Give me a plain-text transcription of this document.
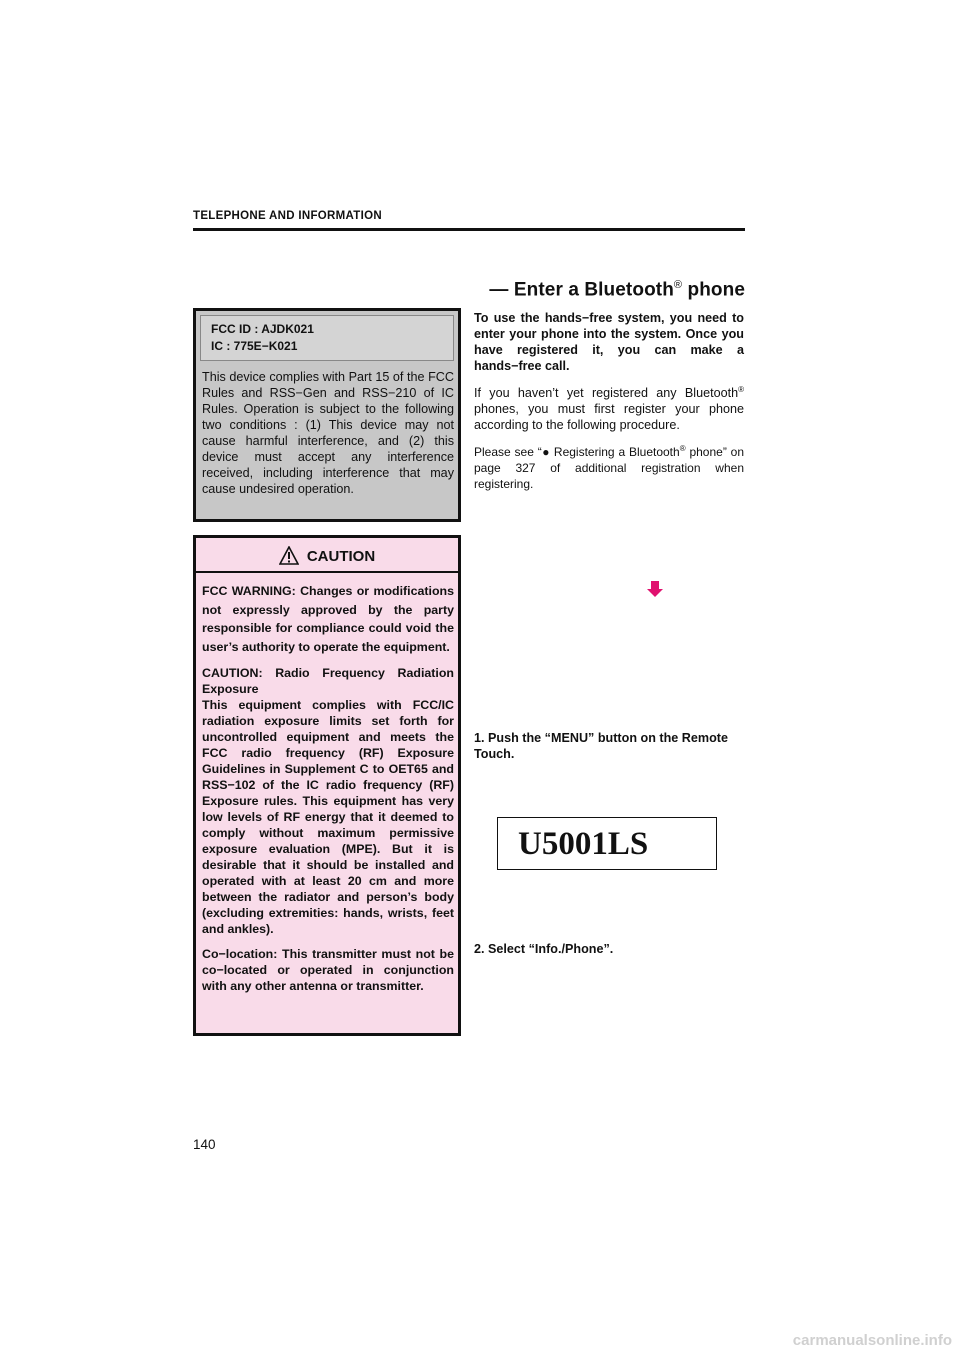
TELEPHONE AND INFORMATION
— Enter a Bluetooth® phone
FCC ID : AJDK021
IC : 775E−K021
This device complies with Part 15 of the FCC Rules and RSS−Gen and RSS−210 of IC Rules. Operation is subject to the following two conditions : (1) This device may not cause harmful interference, and (2) this device must accept any interference received, including interference that may cause undesired operation.
CAUTION

FCC WARNING: Changes or modifications not expressly approved by the party responsible for compliance could void the user’s authority to operate the equipment.

CAUTION: Radio Frequency Radiation Exposure

This equipment complies with FCC/IC radiation exposure limits set forth for uncontrolled equipment and meets the FCC radio frequency (RF) Exposure Guidelines in Supplement C to OET65 and RSS−102 of the IC radio frequency (RF) Exposure rules. This equipment has very low levels of RF energy that it deemed to comply without maximum permissive exposure evaluation (MPE). But it is desirable that it should be installed and operated with at least 20 cm and more between the radiator and person’s body (excluding extremities: hands, wrists, feet and ankles).

Co−location: This transmitter must not be co−located or operated in conjunction with any other antenna or transmitter.

To use the hands−free system, you need to enter your phone into the system. Once you have registered it, you can make a hands−free call.

If you haven’t yet registered any Bluetooth® phones, you must first register your phone according to the following procedure.

Please see “● Registering a Bluetooth® phone” on page 327 of additional registration when registering.

1. Push the “MENU” button on the Remote Touch.
U5001LS
2. Select “Info./Phone”.
140
carmanualsonline.info
